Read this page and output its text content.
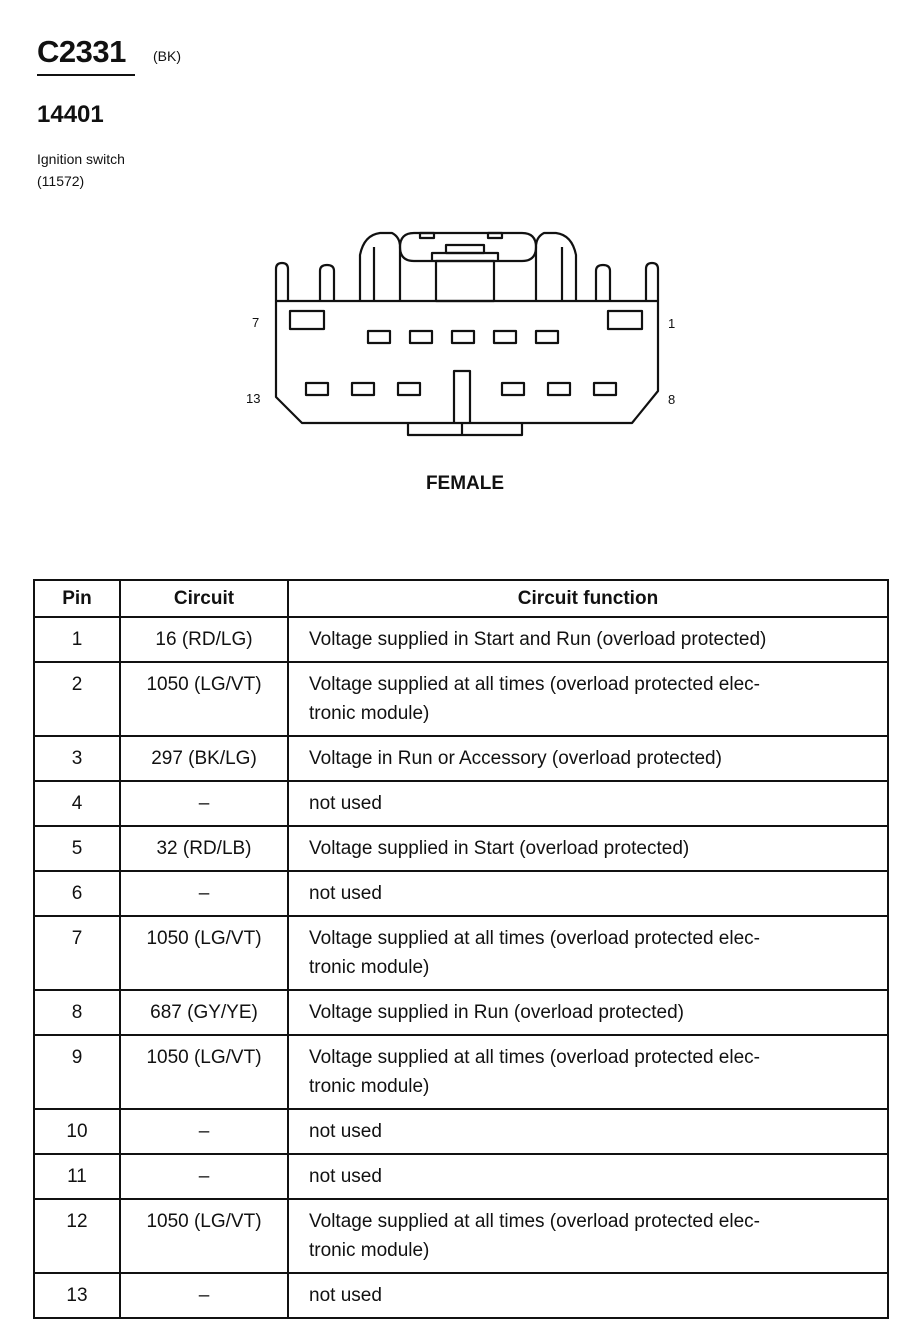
C2331 (BK)
14401
Ignition switch
(11572)
7	1
13	8
FEMALE
Pin	Circuit	Circuit function
1	16 (RD/LG)	Voltage supplied in Start and Run (overload protected)
2	1050 (LG/VT)	Voltage supplied at all times (overload protected elec-
tronic module)
3	297 (BK/LG)	Voltage in Run or Accessory (overload protected)
4	–	not used
5	32 (RD/LB)	Voltage supplied in Start (overload protected)
6	–	not used
7	1050 (LG/VT)	Voltage supplied at all times (overload protected elec-
tronic module)
8	687 (GY/YE)	Voltage supplied in Run (overload protected)
9	1050 (LG/VT)	Voltage supplied at all times (overload protected elec-
tronic module)
10	–	not used
11	–	not used
12	1050 (LG/VT)	Voltage supplied at all times (overload protected elec-
tronic module)
13	–	not used
